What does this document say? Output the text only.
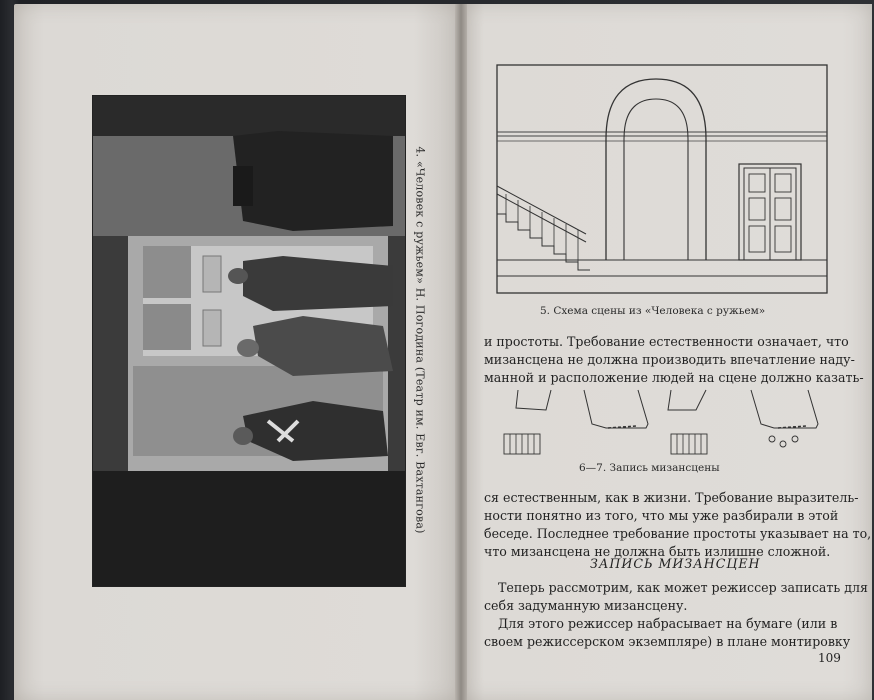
4. «Человек с ружьем» Н. Погодина (Театр им. Евг. Вахтангова)	5. Схема сцены из «Человека с ружьем»
и простоты. Требование естественности означает, что
мизансцена не должна производить впечатление наду-
манной и расположение людей на сцене должно казать-
6—7. Запись мизансцены
ся естественным, как в жизни. Требование выразитель-
ности понятно из того, что мы уже разбирали в этой
беседе. Последнее требование простоты указывает на то,
что мизансцена не должна быть излишне сложной.
ЗАПИСЬ МИЗАНСЦЕН
Теперь рассмотрим, как может режиссер записать для
себя задуманную мизансцену.
Для этого режиссер набрасывает на бумаге (или в
своем режиссерском экземпляре) в плане монтировку
109
